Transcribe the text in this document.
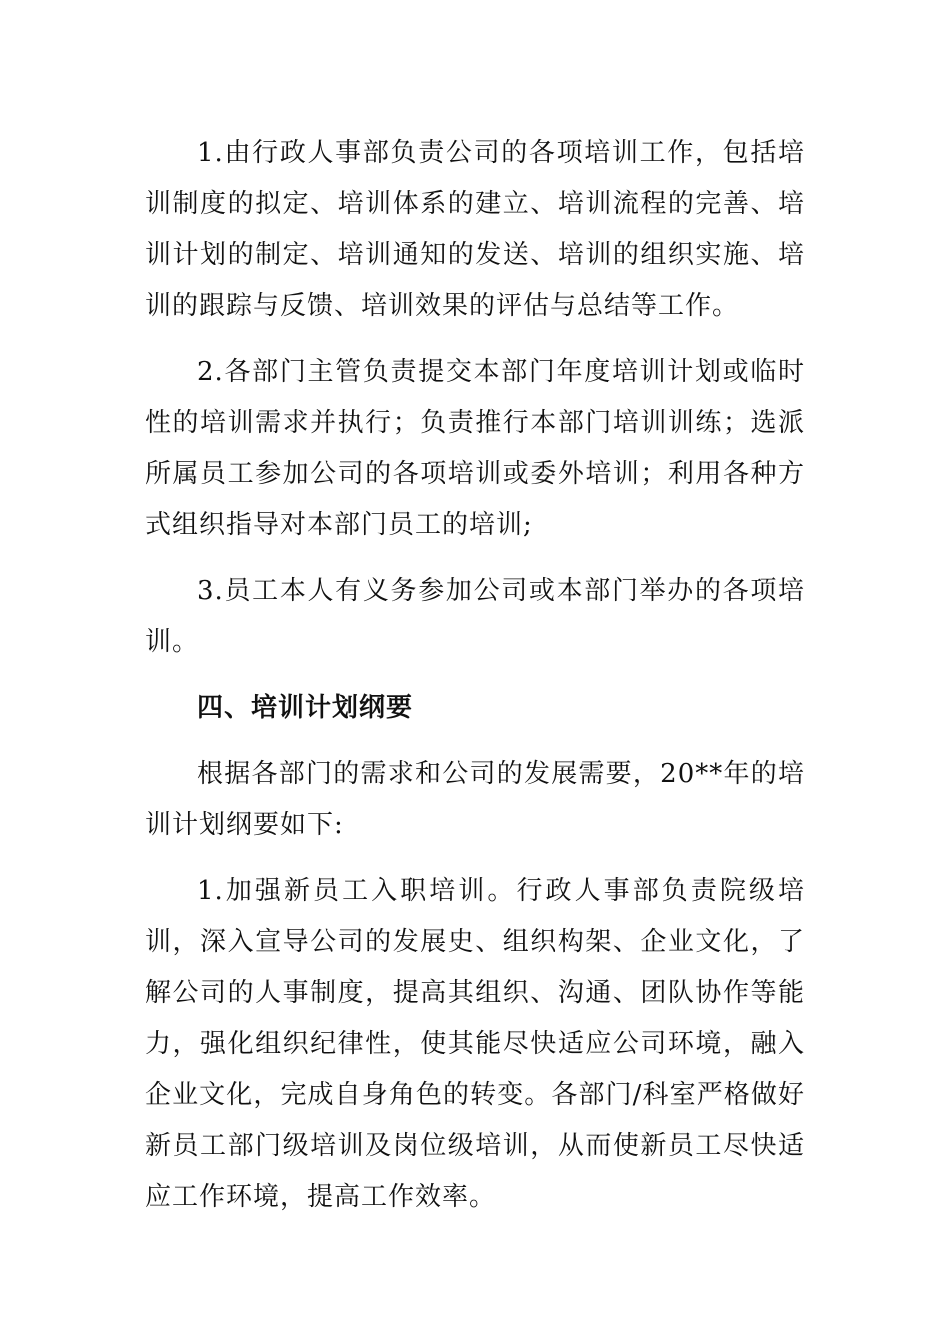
1.由行政人事部负责公司的各项培训工作，包括培训制度的拟定、培训体系的建立、培训流程的完善、培训计划的制定、培训通知的发送、培训的组织实施、培训的跟踪与反馈、培训效果的评估与总结等工作。

2.各部门主管负责提交本部门年度培训计划或临时性的培训需求并执行；负责推行本部门培训训练；选派所属员工参加公司的各项培训或委外培训；利用各种方式组织指导对本部门员工的培训;

3.员工本人有义务参加公司或本部门举办的各项培训。

四、培训计划纲要

根据各部门的需求和公司的发展需要，20**年的培训计划纲要如下:

1.加强新员工入职培训。行政人事部负责院级培训，深入宣导公司的发展史、组织构架、企业文化，了解公司的人事制度，提高其组织、沟通、团队协作等能力，强化组织纪律性，使其能尽快适应公司环境，融入企业文化，完成自身角色的转变。各部门/科室严格做好新员工部门级培训及岗位级培训，从而使新员工尽快适应工作环境，提高工作效率。
